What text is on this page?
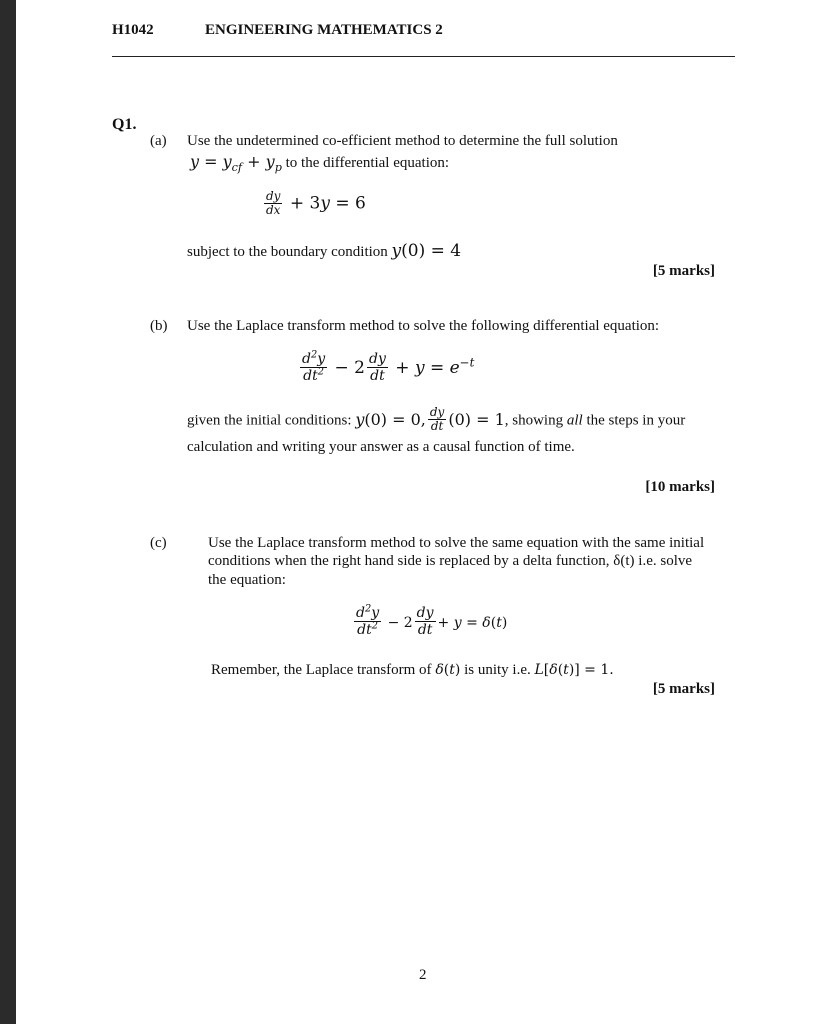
H1042	ENGINEERING MATHEMATICS 2
Q1.
(a) Use the undetermined co-efficient method to determine the full solution
$y = y_{cf} + y_p$ to the differential equation:
$\frac{dy}{dx} + 3y = 6$
subject to the boundary condition y(0) = 4
[5 marks]
(b) Use the Laplace transform method to solve the following differential equation:
$\frac{d^2y}{dt^2} - 2 \frac{dy}{dt} + y = e^{-t}$
given the initial conditions: y(0) = 0, $\frac{dy}{dt} (0) = 1$, showing all the steps in your
calculation and writing your answer as a causal function of time.
[10 marks]
(c)	Use the Laplace transform method to solve the same equation with the same initial
conditions when the right hand side is replaced by a delta function, δ(t) i.e. solve
the equation:
$\frac{d^2y}{dt^2} - 2 \frac{dy}{dt} + y = \delta(t)$
Remember, the Laplace transform of δ(t) is unity i.e. L[δ(t)] = 1.
[5 marks]
2
